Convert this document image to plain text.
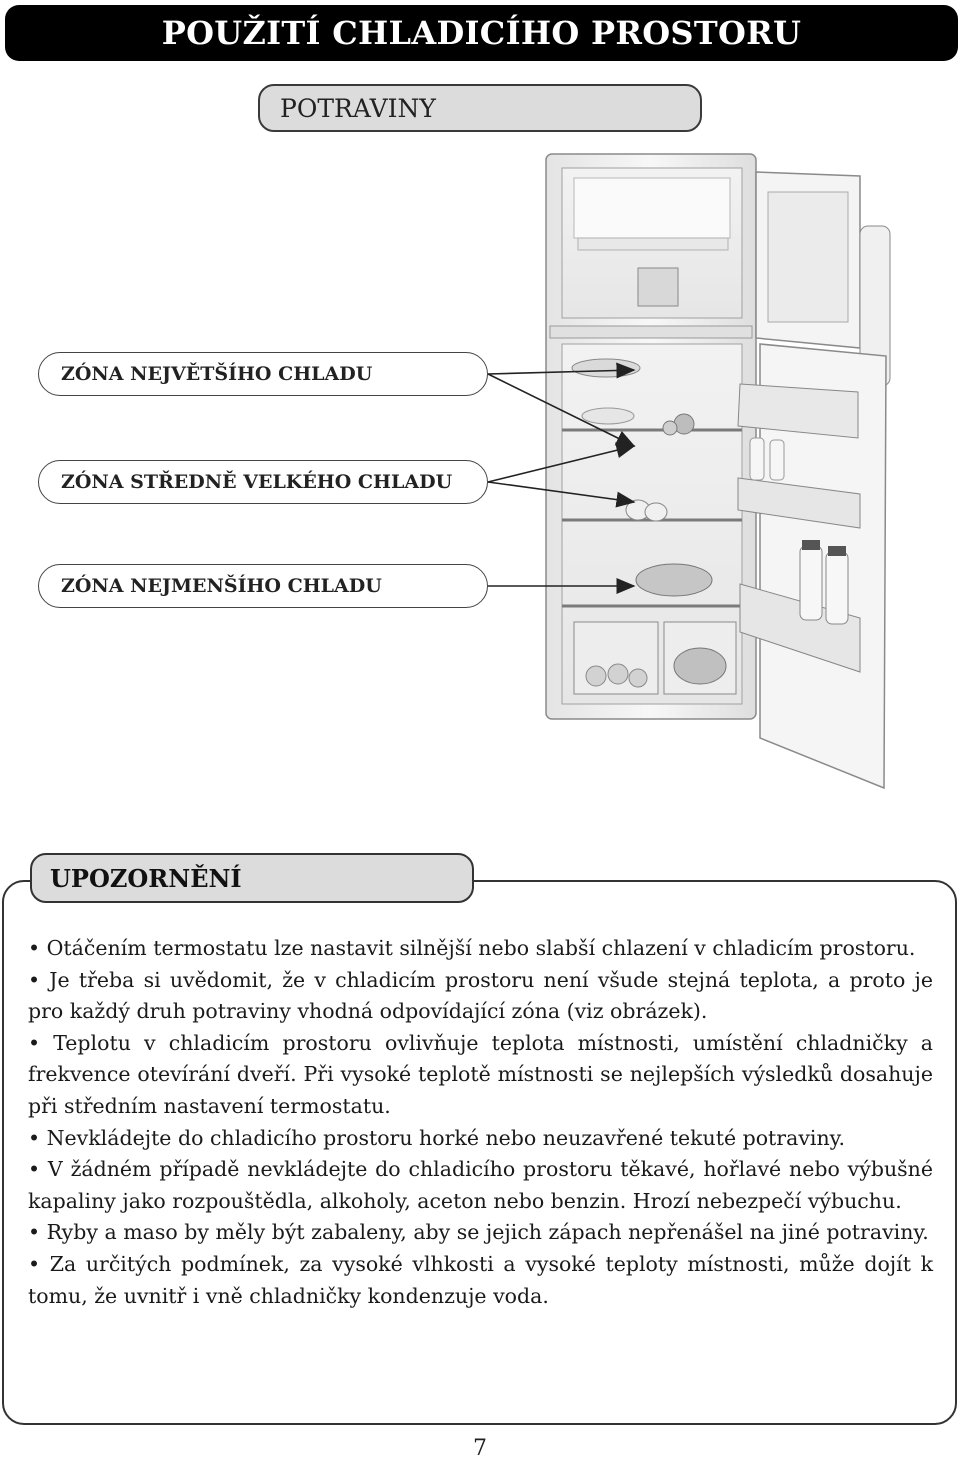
POUŽITÍ CHLADICÍHO PROSTORU
POTRAVINY
ZÓNA NEJVĚTŠÍHO CHLADU
ZÓNA STŘEDNĚ VELKÉHO CHLADU
ZÓNA NEJMENŠÍHO CHLADU
UPOZORNĚNÍ

• Otáčením termostatu lze nastavit silnější nebo slabší chlazení v chladicím prostoru.

• Je třeba si uvědomit, že v chladicím prostoru není všude stejná teplota, a proto je pro každý druh potraviny vhodná odpovídající zóna (viz obrázek).

• Teplotu v chladicím prostoru ovlivňuje teplota místnosti, umístění chladničky a frekvence otevírání dveří. Při vysoké teplotě místnosti se nejlepších výsledků dosahuje při středním nastavení termostatu.

• Nevkládejte do chladicího prostoru horké nebo neuzavřené tekuté potraviny.

• V žádném případě nevkládejte do chladicího prostoru těkavé, hořlavé nebo výbušné kapaliny jako rozpouštědla, alkoholy, aceton nebo benzin. Hrozí nebezpečí výbuchu.

• Ryby a maso by měly být zabaleny, aby se jejich zápach nepřenášel na jiné potraviny.

• Za určitých podmínek, za vysoké vlhkosti a vysoké teploty místnosti, může dojít k tomu, že uvnitř i vně chladničky kondenzuje voda.

7
